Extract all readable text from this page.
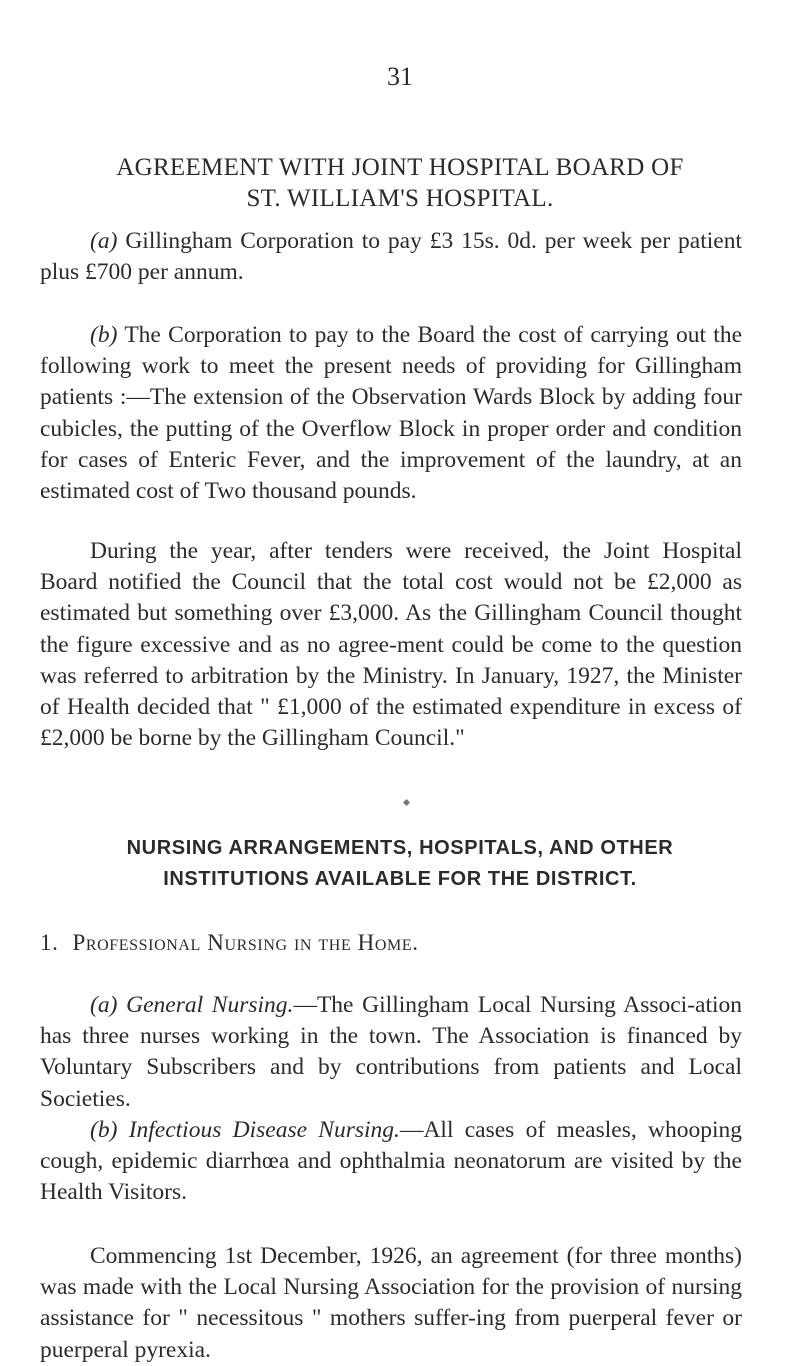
31
AGREEMENT WITH JOINT HOSPITAL BOARD OF
ST. WILLIAM'S HOSPITAL.

(a) Gillingham Corporation to pay £3 15s. 0d. per week per patient plus £700 per annum.

(b) The Corporation to pay to the Board the cost of carrying out the following work to meet the present needs of providing for Gillingham patients :—The extension of the Observation Wards Block by adding four cubicles, the putting of the Overflow Block in proper order and condition for cases of Enteric Fever, and the improvement of the laundry, at an estimated cost of Two thousand pounds.

During the year, after tenders were received, the Joint Hospital Board notified the Council that the total cost would not be £2,000 as estimated but something over £3,000. As the Gillingham Council thought the figure excessive and as no agree-ment could be come to the question was referred to arbitration by the Ministry. In January, 1927, the Minister of Health decided that " £1,000 of the estimated expenditure in excess of £2,000 be borne by the Gillingham Council."

NURSING ARRANGEMENTS, HOSPITALS, AND OTHER
INSTITUTIONS AVAILABLE FOR THE DISTRICT.
1. Professional Nursing in the Home.

(a) General Nursing.—The Gillingham Local Nursing Associ-ation has three nurses working in the town. The Association is financed by Voluntary Subscribers and by contributions from patients and Local Societies.

(b) Infectious Disease Nursing.—All cases of measles, whooping cough, epidemic diarrhœa and ophthalmia neonatorum are visited by the Health Visitors.

Commencing 1st December, 1926, an agreement (for three months) was made with the Local Nursing Association for the provision of nursing assistance for " necessitous " mothers suffer-ing from puerperal fever or puerperal pyrexia.
